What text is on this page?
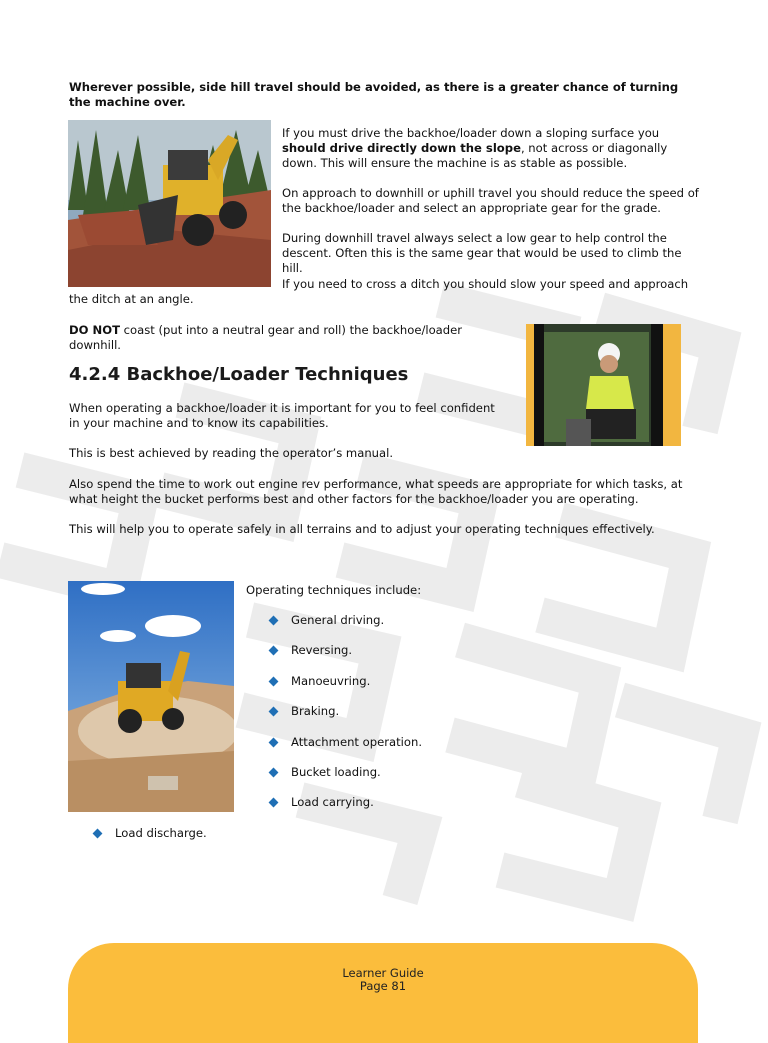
Wherever possible, side hill travel should be avoided, as there is a greater chance of turning the machine over.

If you must drive the backhoe/loader down a sloping surface you should drive directly down the slope, not across or diagonally down. This will ensure the machine is as stable as possible.

On approach to downhill or uphill travel you should reduce the speed of the backhoe/loader and select an appropriate gear for the grade.

During downhill travel always select a low gear to help control the descent. Often this is the same gear that would be used to climb the hill.

If you need to cross a ditch you should slow your speed and approach the ditch at an angle.

DO NOT coast (put into a neutral gear and roll) the backhoe/loader downhill.

4.2.4 Backhoe/Loader Techniques

When operating a backhoe/loader it is important for you to feel confident in your machine and to know its capabilities.

This is best achieved by reading the operator’s manual.

Also spend the time to work out engine rev performance, what speeds are appropriate for which tasks, at what height the bucket performs best and other factors for the backhoe/loader you are operating.

This will help you to operate safely in all terrains and to adjust your operating techniques effectively.

Operating techniques include:

General driving.
Reversing.
Manoeuvring.
Braking.
Attachment operation.
Bucket loading.
Load carrying.
Load discharge.

Learner Guide

Page 81
